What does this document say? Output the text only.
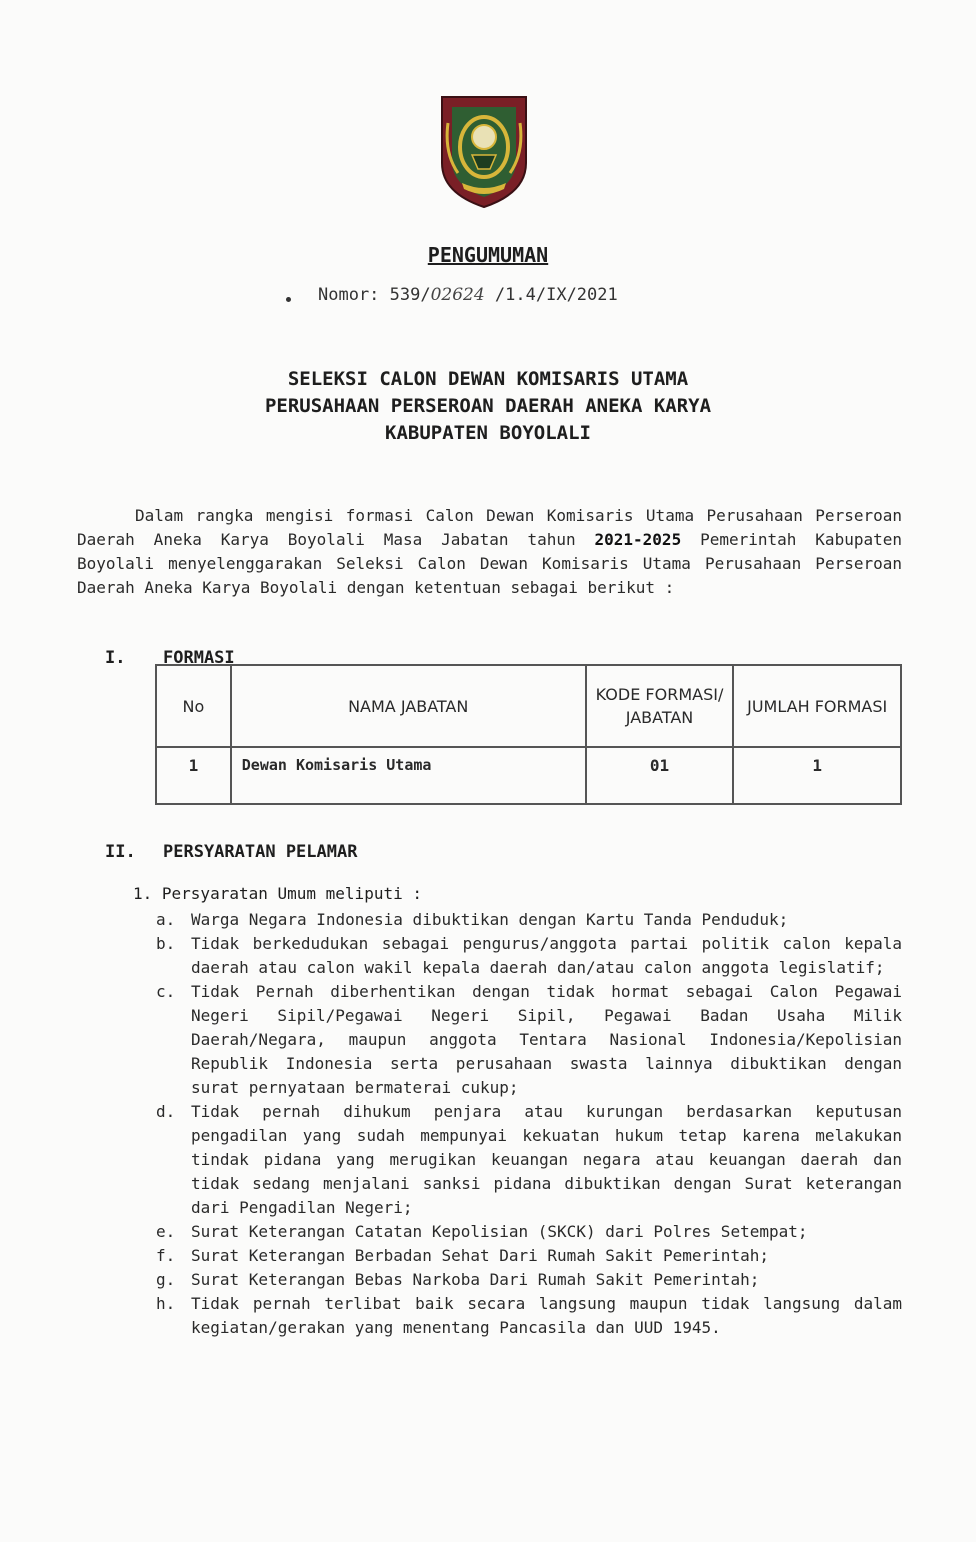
PENGUMUMAN
Nomor: 539/02624 /1.4/IX/2021
SELEKSI CALON DEWAN KOMISARIS UTAMA
PERUSAHAAN PERSEROAN DAERAH ANEKA KARYA
KABUPATEN BOYOLALI
Dalam rangka mengisi formasi Calon Dewan Komisaris Utama Perusahaan Perseroan Daerah Aneka Karya Boyolali Masa Jabatan tahun 2021-2025 Pemerintah Kabupaten Boyolali menyelenggarakan Seleksi Calon Dewan Komisaris Utama Perusahaan Perseroan Daerah Aneka Karya Boyolali dengan ketentuan sebagai berikut :
I. FORMASI
No	NAMA JABATAN	KODE FORMASI/ JABATAN	JUMLAH FORMASI
1	Dewan Komisaris Utama	01	1
II. PERSYARATAN PELAMAR
1. Persyaratan Umum meliputi :
a. Warga Negara Indonesia dibuktikan dengan Kartu Tanda Penduduk;
b. Tidak berkedudukan sebagai pengurus/anggota partai politik calon kepala daerah atau calon wakil kepala daerah dan/atau calon anggota legislatif;
c. Tidak Pernah diberhentikan dengan tidak hormat sebagai Calon Pegawai Negeri Sipil/Pegawai Negeri Sipil, Pegawai Badan Usaha Milik Daerah/Negara, maupun anggota Tentara Nasional Indonesia/Kepolisian Republik Indonesia serta perusahaan swasta lainnya dibuktikan dengan surat pernyataan bermaterai cukup;
d. Tidak pernah dihukum penjara atau kurungan berdasarkan keputusan pengadilan yang sudah mempunyai kekuatan hukum tetap karena melakukan tindak pidana yang merugikan keuangan negara atau keuangan daerah dan tidak sedang menjalani sanksi pidana dibuktikan dengan Surat keterangan dari Pengadilan Negeri;
e. Surat Keterangan Catatan Kepolisian (SKCK) dari Polres Setempat;
f. Surat Keterangan Berbadan Sehat Dari Rumah Sakit Pemerintah;
g. Surat Keterangan Bebas Narkoba Dari Rumah Sakit Pemerintah;
h. Tidak pernah terlibat baik secara langsung maupun tidak langsung dalam kegiatan/gerakan yang menentang Pancasila dan UUD 1945.
